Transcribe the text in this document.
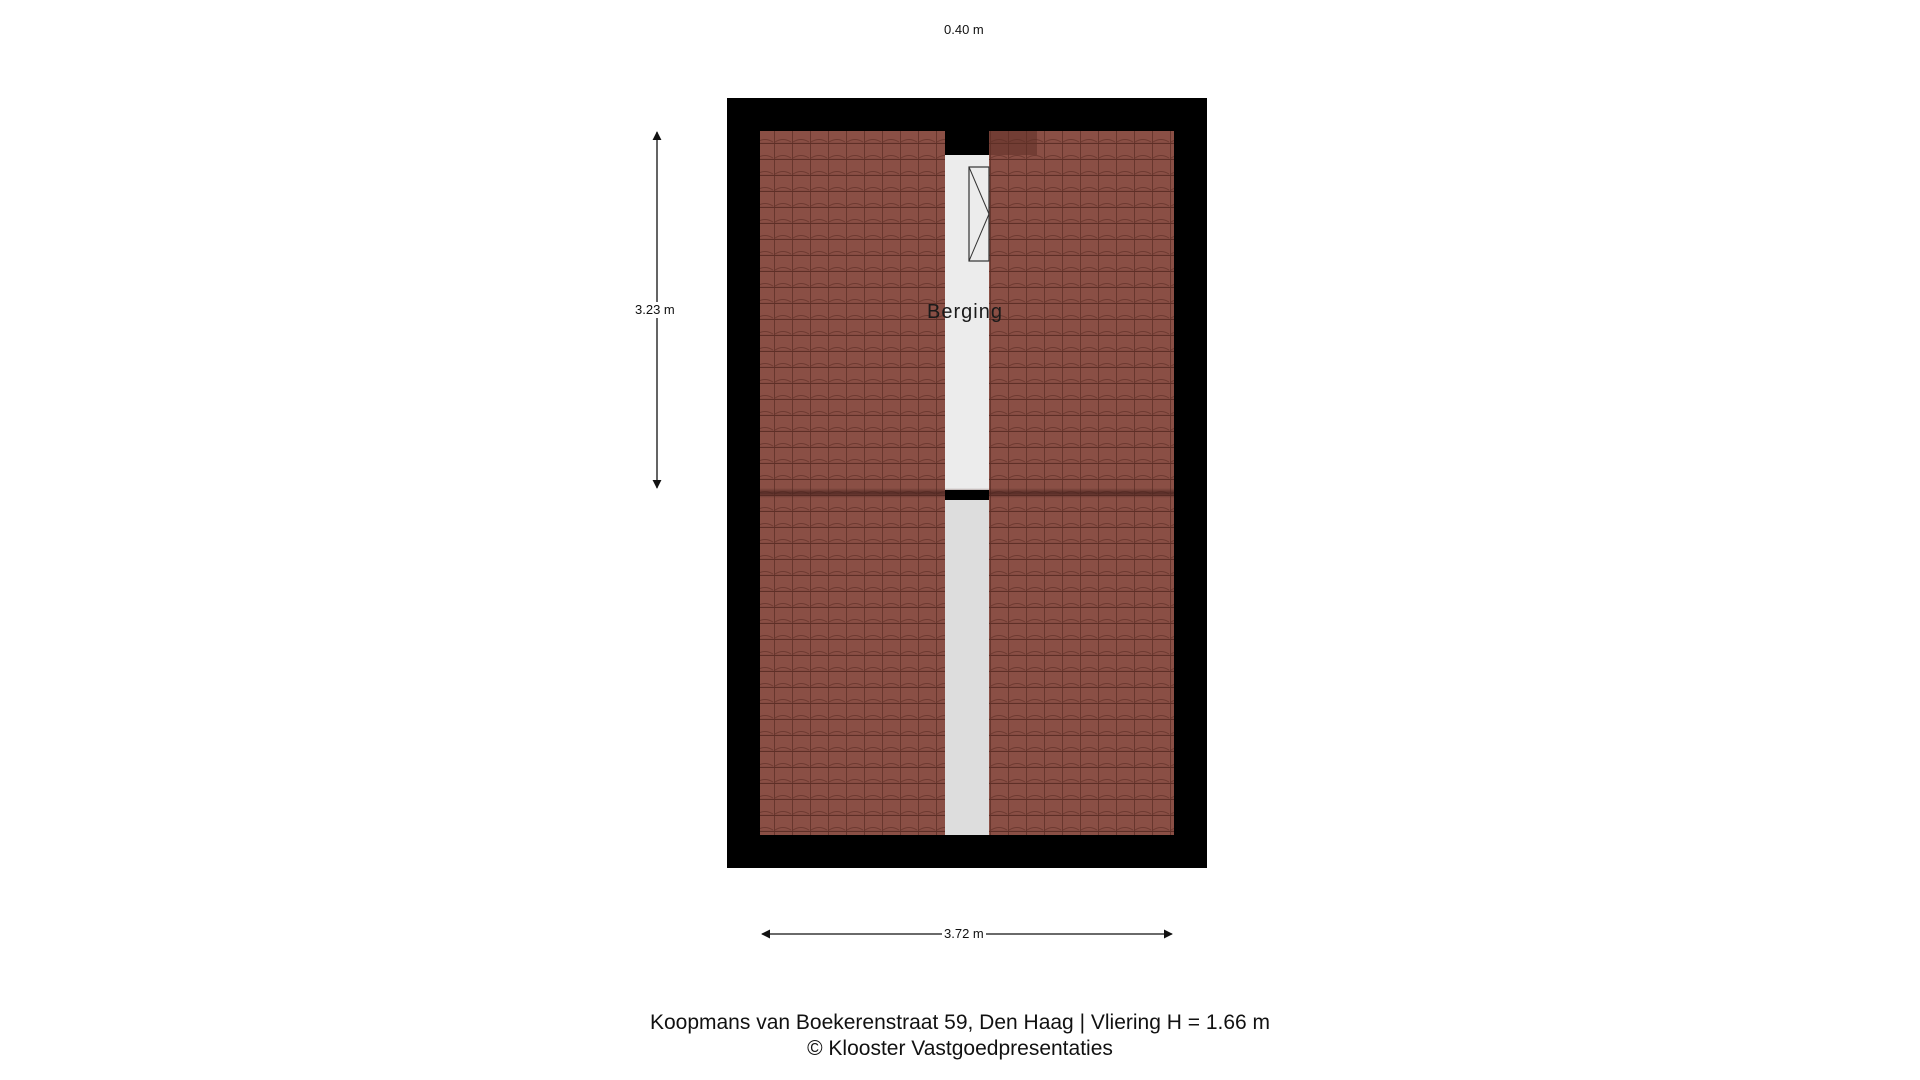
0.40 m
3.23 m
3.72 m
Berging
Koopmans van Boekerenstraat 59, Den Haag | Vliering H = 1.66 m
© Klooster Vastgoedpresentaties
